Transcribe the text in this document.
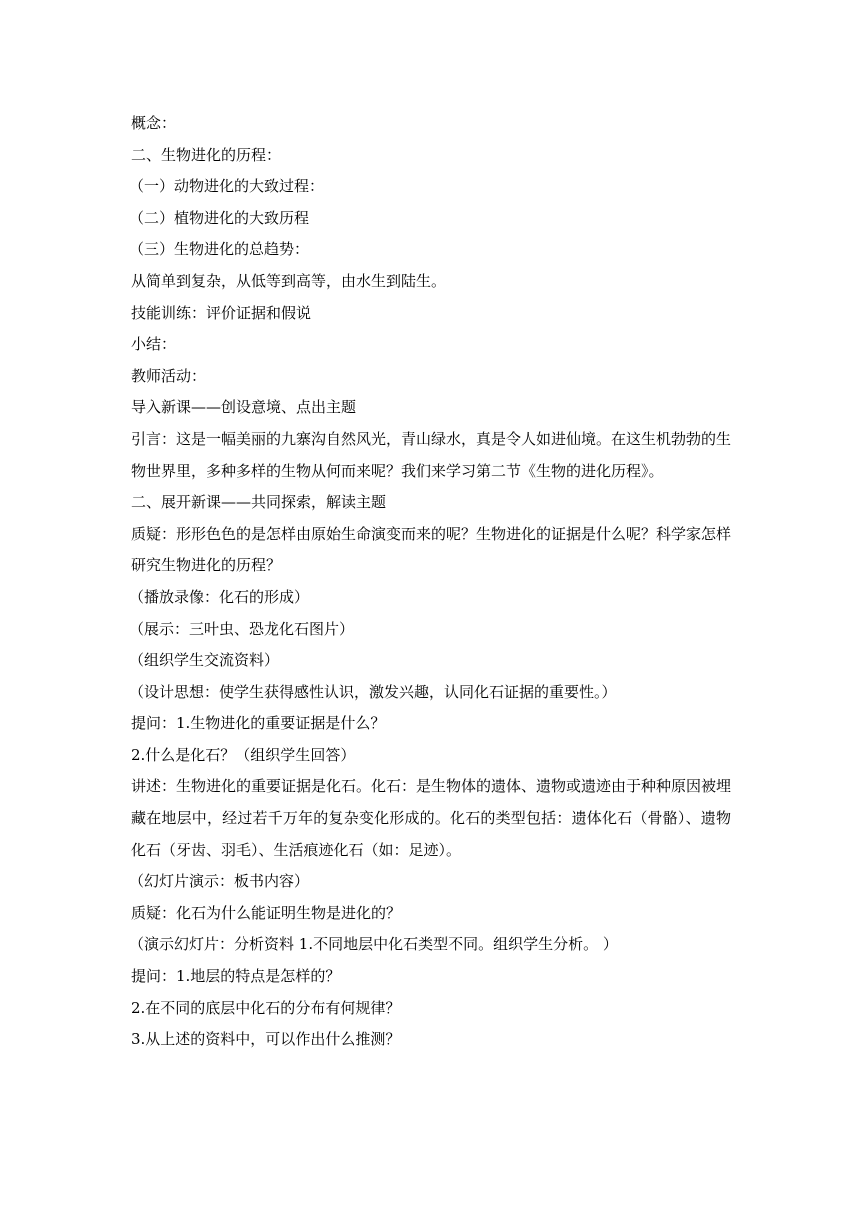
概念：
二、生物进化的历程：
（一）动物进化的大致过程：
（二）植物进化的大致历程
（三）生物进化的总趋势：
从简单到复杂，从低等到高等，由水生到陆生。
技能训练：评价证据和假说
小结：
教师活动：
导入新课——创设意境、点出主题
引言：这是一幅美丽的九寨沟自然风光，青山绿水，真是令人如进仙境。在这生机勃勃的生物世界里，多种多样的生物从何而来呢？我们来学习第二节《生物的进化历程》。
二、展开新课——共同探索，解读主题
质疑：形形色色的是怎样由原始生命演变而来的呢？生物进化的证据是什么呢？科学家怎样研究生物进化的历程？
（播放录像：化石的形成）
（展示：三叶虫、恐龙化石图片）
（组织学生交流资料）
（设计思想：使学生获得感性认识，激发兴趣，认同化石证据的重要性。）
提问：1.生物进化的重要证据是什么？
2.什么是化石？（组织学生回答）
讲述：生物进化的重要证据是化石。化石：是生物体的遗体、遗物或遗迹由于种种原因被埋藏在地层中，经过若千万年的复杂变化形成的。化石的类型包括：遗体化石（骨骼）、遗物化石（牙齿、羽毛）、生活痕迹化石（如：足迹）。
（幻灯片演示：板书内容）
质疑：化石为什么能证明生物是进化的？
（演示幻灯片：分析资料 1.不同地层中化石类型不同。组织学生分析。 ）
提问：1.地层的特点是怎样的？
2.在不同的底层中化石的分布有何规律？
3.从上述的资料中，可以作出什么推测？
